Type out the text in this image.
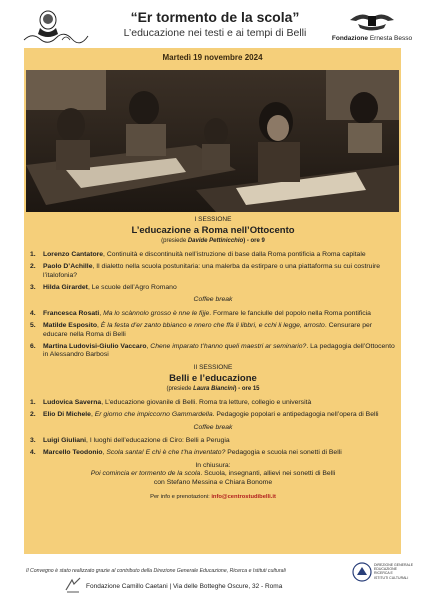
“Er tormento de la scola”
L’educazione nei testi e ai tempi di Belli	Fondazione Ernesta Besso
Martedì 19 novembre 2024
I SESSIONE
L’educazione a Roma nell’Ottocento
(presiede Davide Pettinicchio) - ore 9
1.	Lorenzo Cantatore, Continuità e discontinuità nell’istruzione di base dalla Roma pontificia a Roma capitale
2.	Paolo D’Achille, Il dialetto nella scuola postunitaria: una malerba da estirpare o una piattaforma su cui costruire l’italofonia?
3.	Hilda Girardet, Le scuole dell’Agro Romano
Coffee break
4.	Francesca Rosati, Ma lo scànnolo grosso è nne le fijje. Formare le fanciulle del popolo nella Roma pontificia
5.	Matilde Esposito, È la festa d’er zanto bbianco e nnero che ffa li libbri, e cchi li legge, arrosto. Censurare per educare nella Roma di Belli
6.	Martina Ludovisi-Giulio Vaccaro, Chene imparato t’hanno queli maestri ar seminario?. La pedagogia dell’Ottocento in Alessandro Barbosi
II SESSIONE
Belli e l’educazione
(presiede Laura Biancini) - ore 15
1.	Ludovica Saverna, L’educazione giovanile di Belli. Roma tra letture, collegio e università
2.	Elio Di Michele, Er giorno che impiccorno Gammardella. Pedagogie popolari e antipedagogia nell’opera di Belli
Coffee break
3.	Luigi Giuliani, I luoghi dell’educazione di Ciro: Belli a Perugia
4.	Marcello Teodonio, Scola santa! E chi è che t’ha inventato? Pedagogia e scuola nei sonetti di Belli
In chiusura:
Poi comincia er tormento de la scola. Scuola, insegnanti, allievi nei sonetti di Belli
con Stefano Messina e Chiara Bonome
Per info e prenotazioni: info@centrostudibelli.it
Il Convegno è stato realizzato grazie al contributo della Direzione Generale Educazione, Ricerca e Istituti culturali
Fondazione Camillo Caetani | Via delle Botteghe Oscure, 32 - Roma
DIREZIONE GENERALE
EDUCAZIONE
RICERCA E
ISTITUTI CULTURALI
